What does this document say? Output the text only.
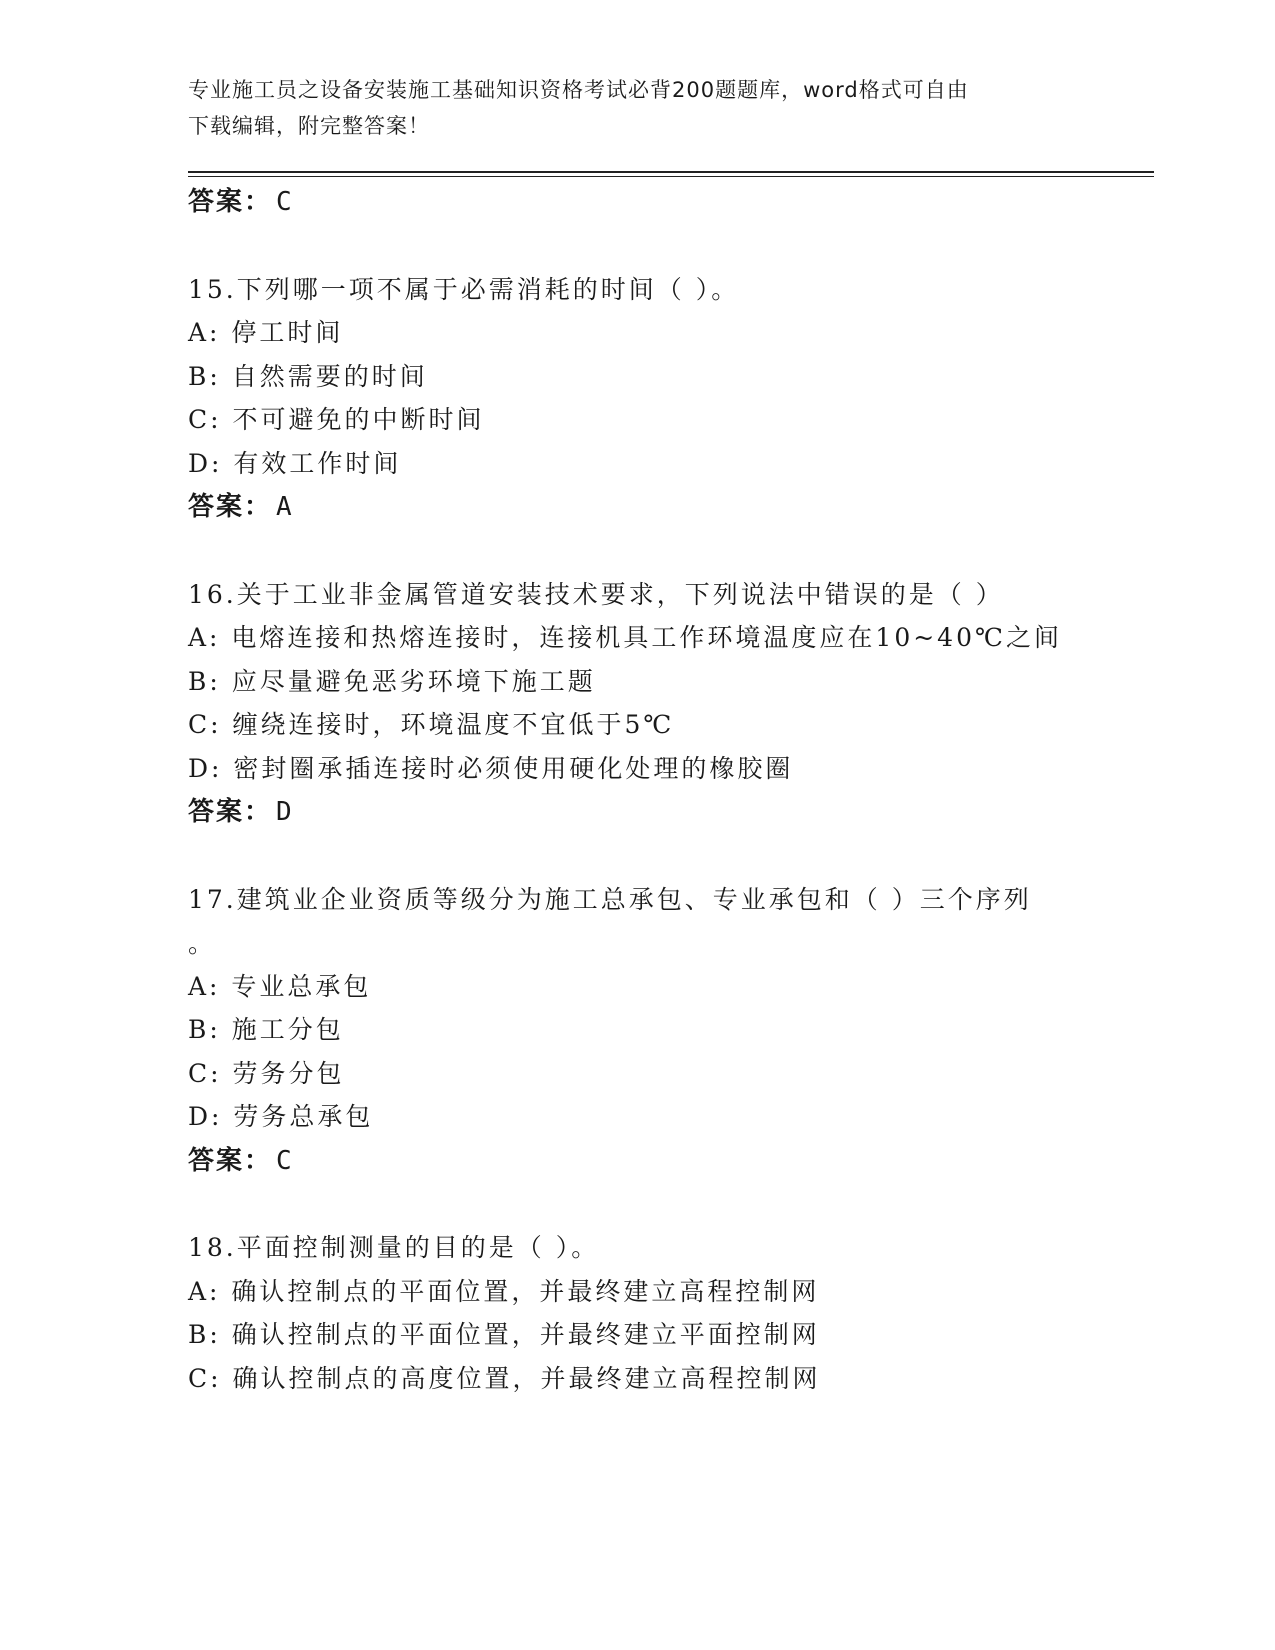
专业施工员之设备安装施工基础知识资格考试必背200题题库，word格式可自由
下载编辑，附完整答案！
答案： C
15.下列哪一项不属于必需消耗的时间（ ）。
A: 停工时间
B: 自然需要的时间
C: 不可避免的中断时间
D: 有效工作时间
答案： A
16.关于工业非金属管道安装技术要求，下列说法中错误的是（ ）
A: 电熔连接和热熔连接时，连接机具工作环境温度应在10~40℃之间
B: 应尽量避免恶劣环境下施工题
C: 缠绕连接时，环境温度不宜低于5℃
D: 密封圈承插连接时必须使用硬化处理的橡胶圈
答案： D
17.建筑业企业资质等级分为施工总承包、专业承包和（ ）三个序列
。
A: 专业总承包
B: 施工分包
C: 劳务分包
D: 劳务总承包
答案： C
18.平面控制测量的目的是（ ）。
A: 确认控制点的平面位置，并最终建立高程控制网
B: 确认控制点的平面位置，并最终建立平面控制网
C: 确认控制点的高度位置，并最终建立高程控制网
